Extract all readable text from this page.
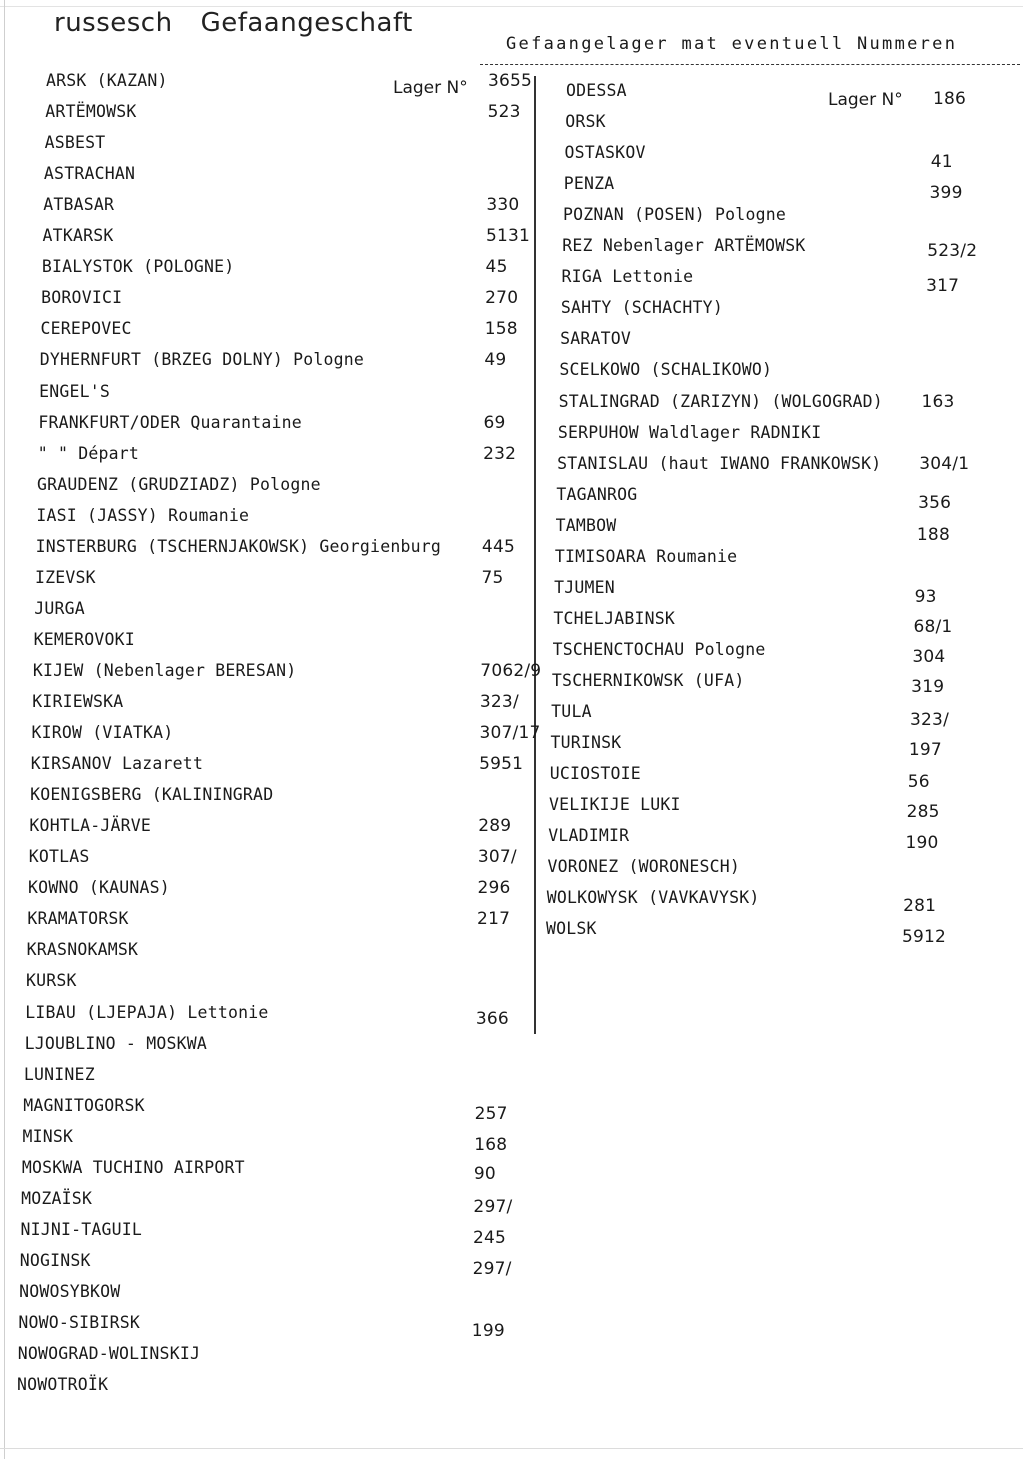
russesch Gefaangeschaft
Gefaangelager mat eventuell Nummeren
Lager N°
Lager N°
ARSK (KAZAN)	3655
ARTËMOWSK	523
ASBEST
ASTRACHAN
ATBASAR	330
ATKARSK	5131
BIALYSTOK (POLOGNE)	45
BOROVICI	270
CEREPOVEC	158
DYHERNFURT (BRZEG DOLNY) Pologne	49
ENGEL'S
FRANKFURT/ODER Quarantaine	69
" " Départ	232
GRAUDENZ (GRUDZIADZ) Pologne
IASI (JASSY) Roumanie
INSTERBURG (TSCHERNJAKOWSK) Georgienburg 445
IZEVSK	75
JURGA
KEMEROVOKI
KIJEW (Nebenlager BERESAN)	7062/9
KIRIEWSKA	323/
KIROW (VIATKA)	307/17
KIRSANOV Lazarett	5951
KOENIGSBERG (KALININGRAD
KOHTLA-JÄRVE	289
KOTLAS	307/
KOWNO (KAUNAS)	296
KRAMATORSK	217
KRASNOKAMSK
KURSK
LIBAU (LJEPAJA) Lettonie	366
LJOUBLINO - MOSKWA
LUNINEZ
MAGNITOGORSK	257
MINSK	168
MOSKWA TUCHINO AIRPORT	90
MOZAÏSK	297/
NIJNI-TAGUIL	245
NOGINSK	297/
NOWOSYBKOW
NOWO-SIBIRSK	199
NOWOGRAD-WOLINSKIJ
NOWOTROÏK
ODESSA	186
ORSK
OSTASKOV	41
PENZA	399
POZNAN (POSEN) Pologne
REZ Nebenlager ARTËMOWSK	523/2
RIGA Lettonie	317
SAHTY (SCHACHTY)
SARATOV
SCELKOWO (SCHALIKOWO)
STALINGRAD (ZARIZYN) (WOLGOGRAD) 163
SERPUHOW Waldlager RADNIKI
STANISLAU (haut IWANO FRANKOWSK) 304/1
TAGANROG	356
TAMBOW	188
TIMISOARA Roumanie
TJUMEN	93
TCHELJABINSK	68/1
TSCHENCTOCHAU Pologne	304
TSCHERNIKOWSK (UFA)	319
TULA	323/
TURINSK	197
UCIOSTOIE	56
VELIKIJE LUKI	285
VLADIMIR	190
VORONEZ (WORONESCH)
WOLKOWYSK (VAVKAVYSK)	281
WOLSK	5912
